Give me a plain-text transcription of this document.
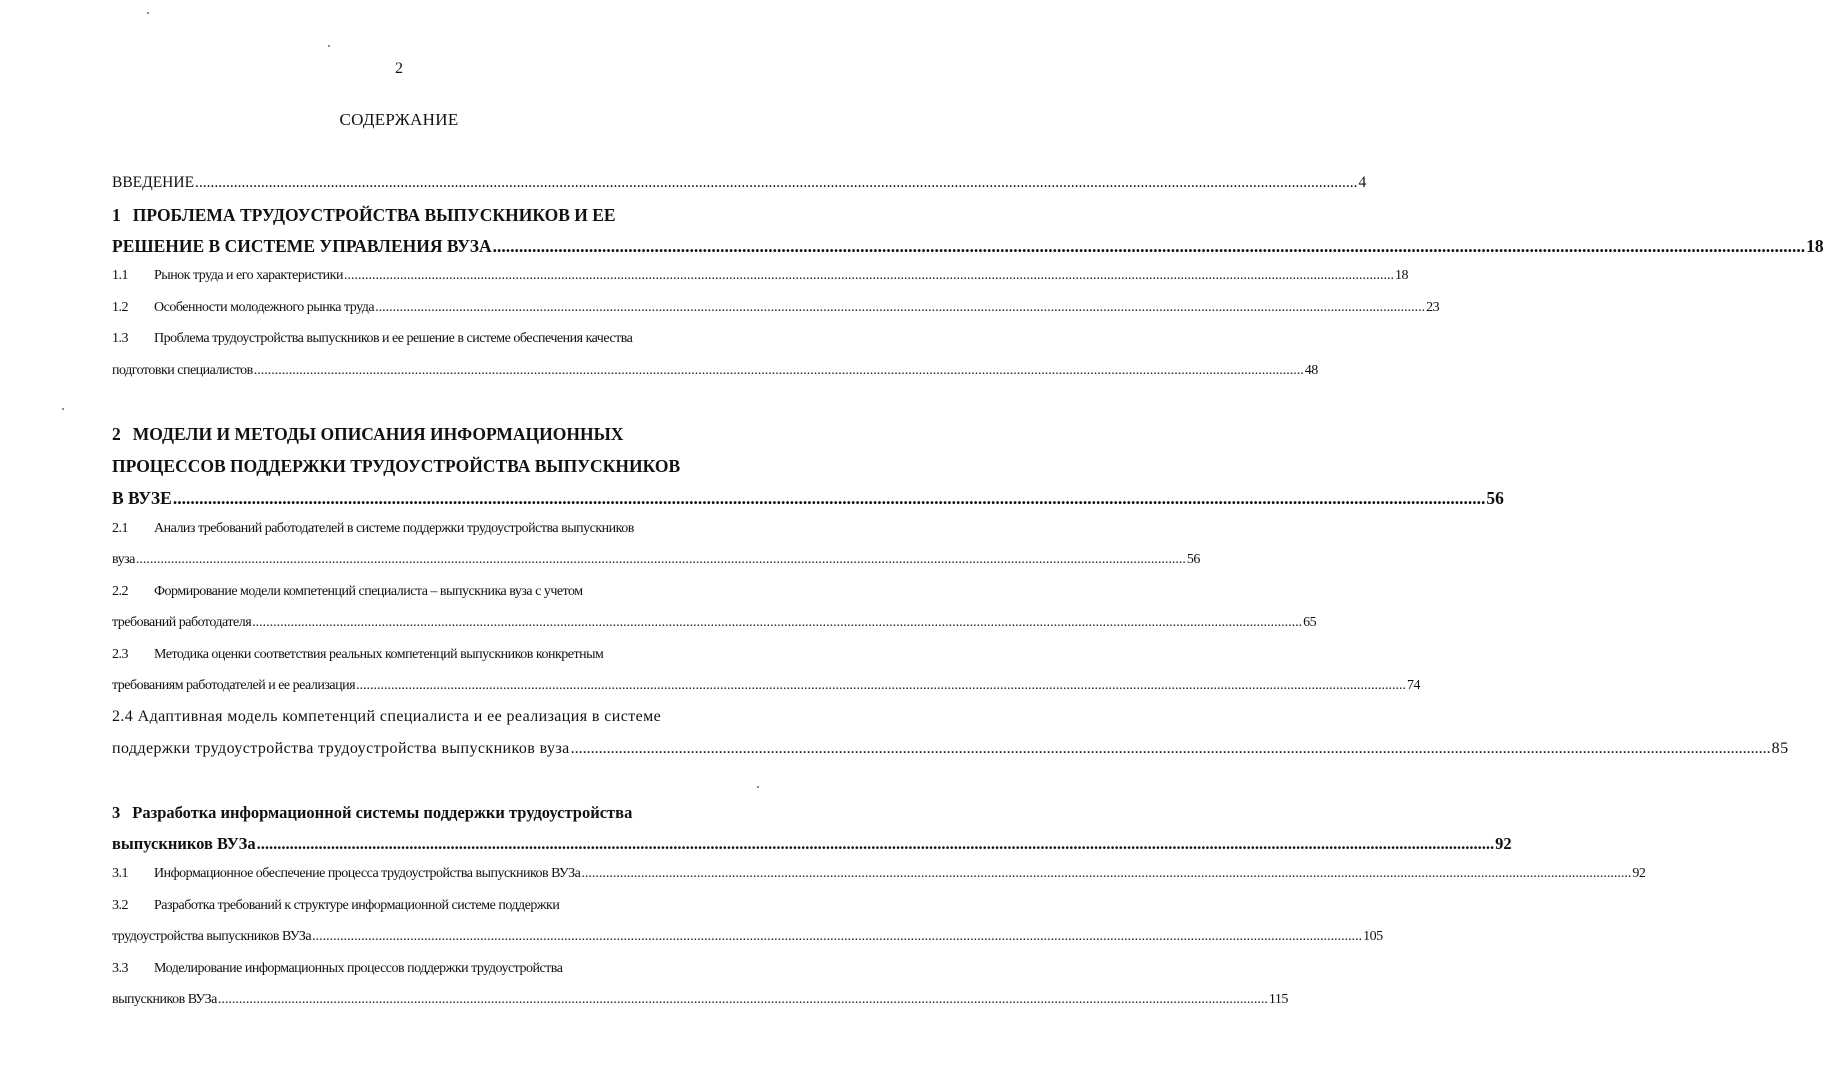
2
СОДЕРЖАНИЕ
ВВЕДЕНИЕ ............................................................................................................................................................................................................................................................................................................ 4
1 ПРОБЛЕМА ТРУДОУСТРОЙСТВА ВЫПУСКНИКОВ И ЕЕ
РЕШЕНИЕ В СИСТЕМЕ УПРАВЛЕНИЯ ВУЗА ............................................................................................................................................................................................................................................................................................................ 18
1.1 Рынок труда и его характеристики ............................................................................................................................................................................................................................................................................................................ 18
1.2 Особенности молодежного рынка труда ............................................................................................................................................................................................................................................................................................................ 23
1.3 Проблема трудоустройства выпускников и ее решение в системе обеспечения качества
подготовки специалистов ............................................................................................................................................................................................................................................................................................................ 48
2 МОДЕЛИ И МЕТОДЫ ОПИСАНИЯ ИНФОРМАЦИОННЫХ
ПРОЦЕССОВ ПОДДЕРЖКИ ТРУДОУСТРОЙСТВА ВЫПУСКНИКОВ
В ВУЗЕ ............................................................................................................................................................................................................................................................................................................ 56
2.1 Анализ требований работодателей в системе поддержки трудоустройства выпускников
вуза ............................................................................................................................................................................................................................................................................................................ 56
2.2 Формирование модели компетенций специалиста – выпускника вуза с учетом
требований работодателя ............................................................................................................................................................................................................................................................................................................ 65
2.3 Методика оценки соответствия реальных компетенций выпускников конкретным
требованиям работодателей и ее реализация ............................................................................................................................................................................................................................................................................................................ 74
2.4 Адаптивная модель компетенций специалиста и ее реализация в системе
поддержки трудоустройства трудоустройства выпускников вуза ............................................................................................................................................................................................................................................................................................................ 85
3 Разработка информационной системы поддержки трудоустройства
выпускников ВУЗа ............................................................................................................................................................................................................................................................................................................ 92
3.1 Информационное обеспечение процесса трудоустройства выпускников ВУЗа ............................................................................................................................................................................................................................................................................................................ 92
3.2 Разработка требований к структуре информационной системе поддержки
трудоустройства выпускников ВУЗа ............................................................................................................................................................................................................................................................................................................ 105
3.3 Моделирование информационных процессов поддержки трудоустройства
выпускников ВУЗа ............................................................................................................................................................................................................................................................................................................ 115
